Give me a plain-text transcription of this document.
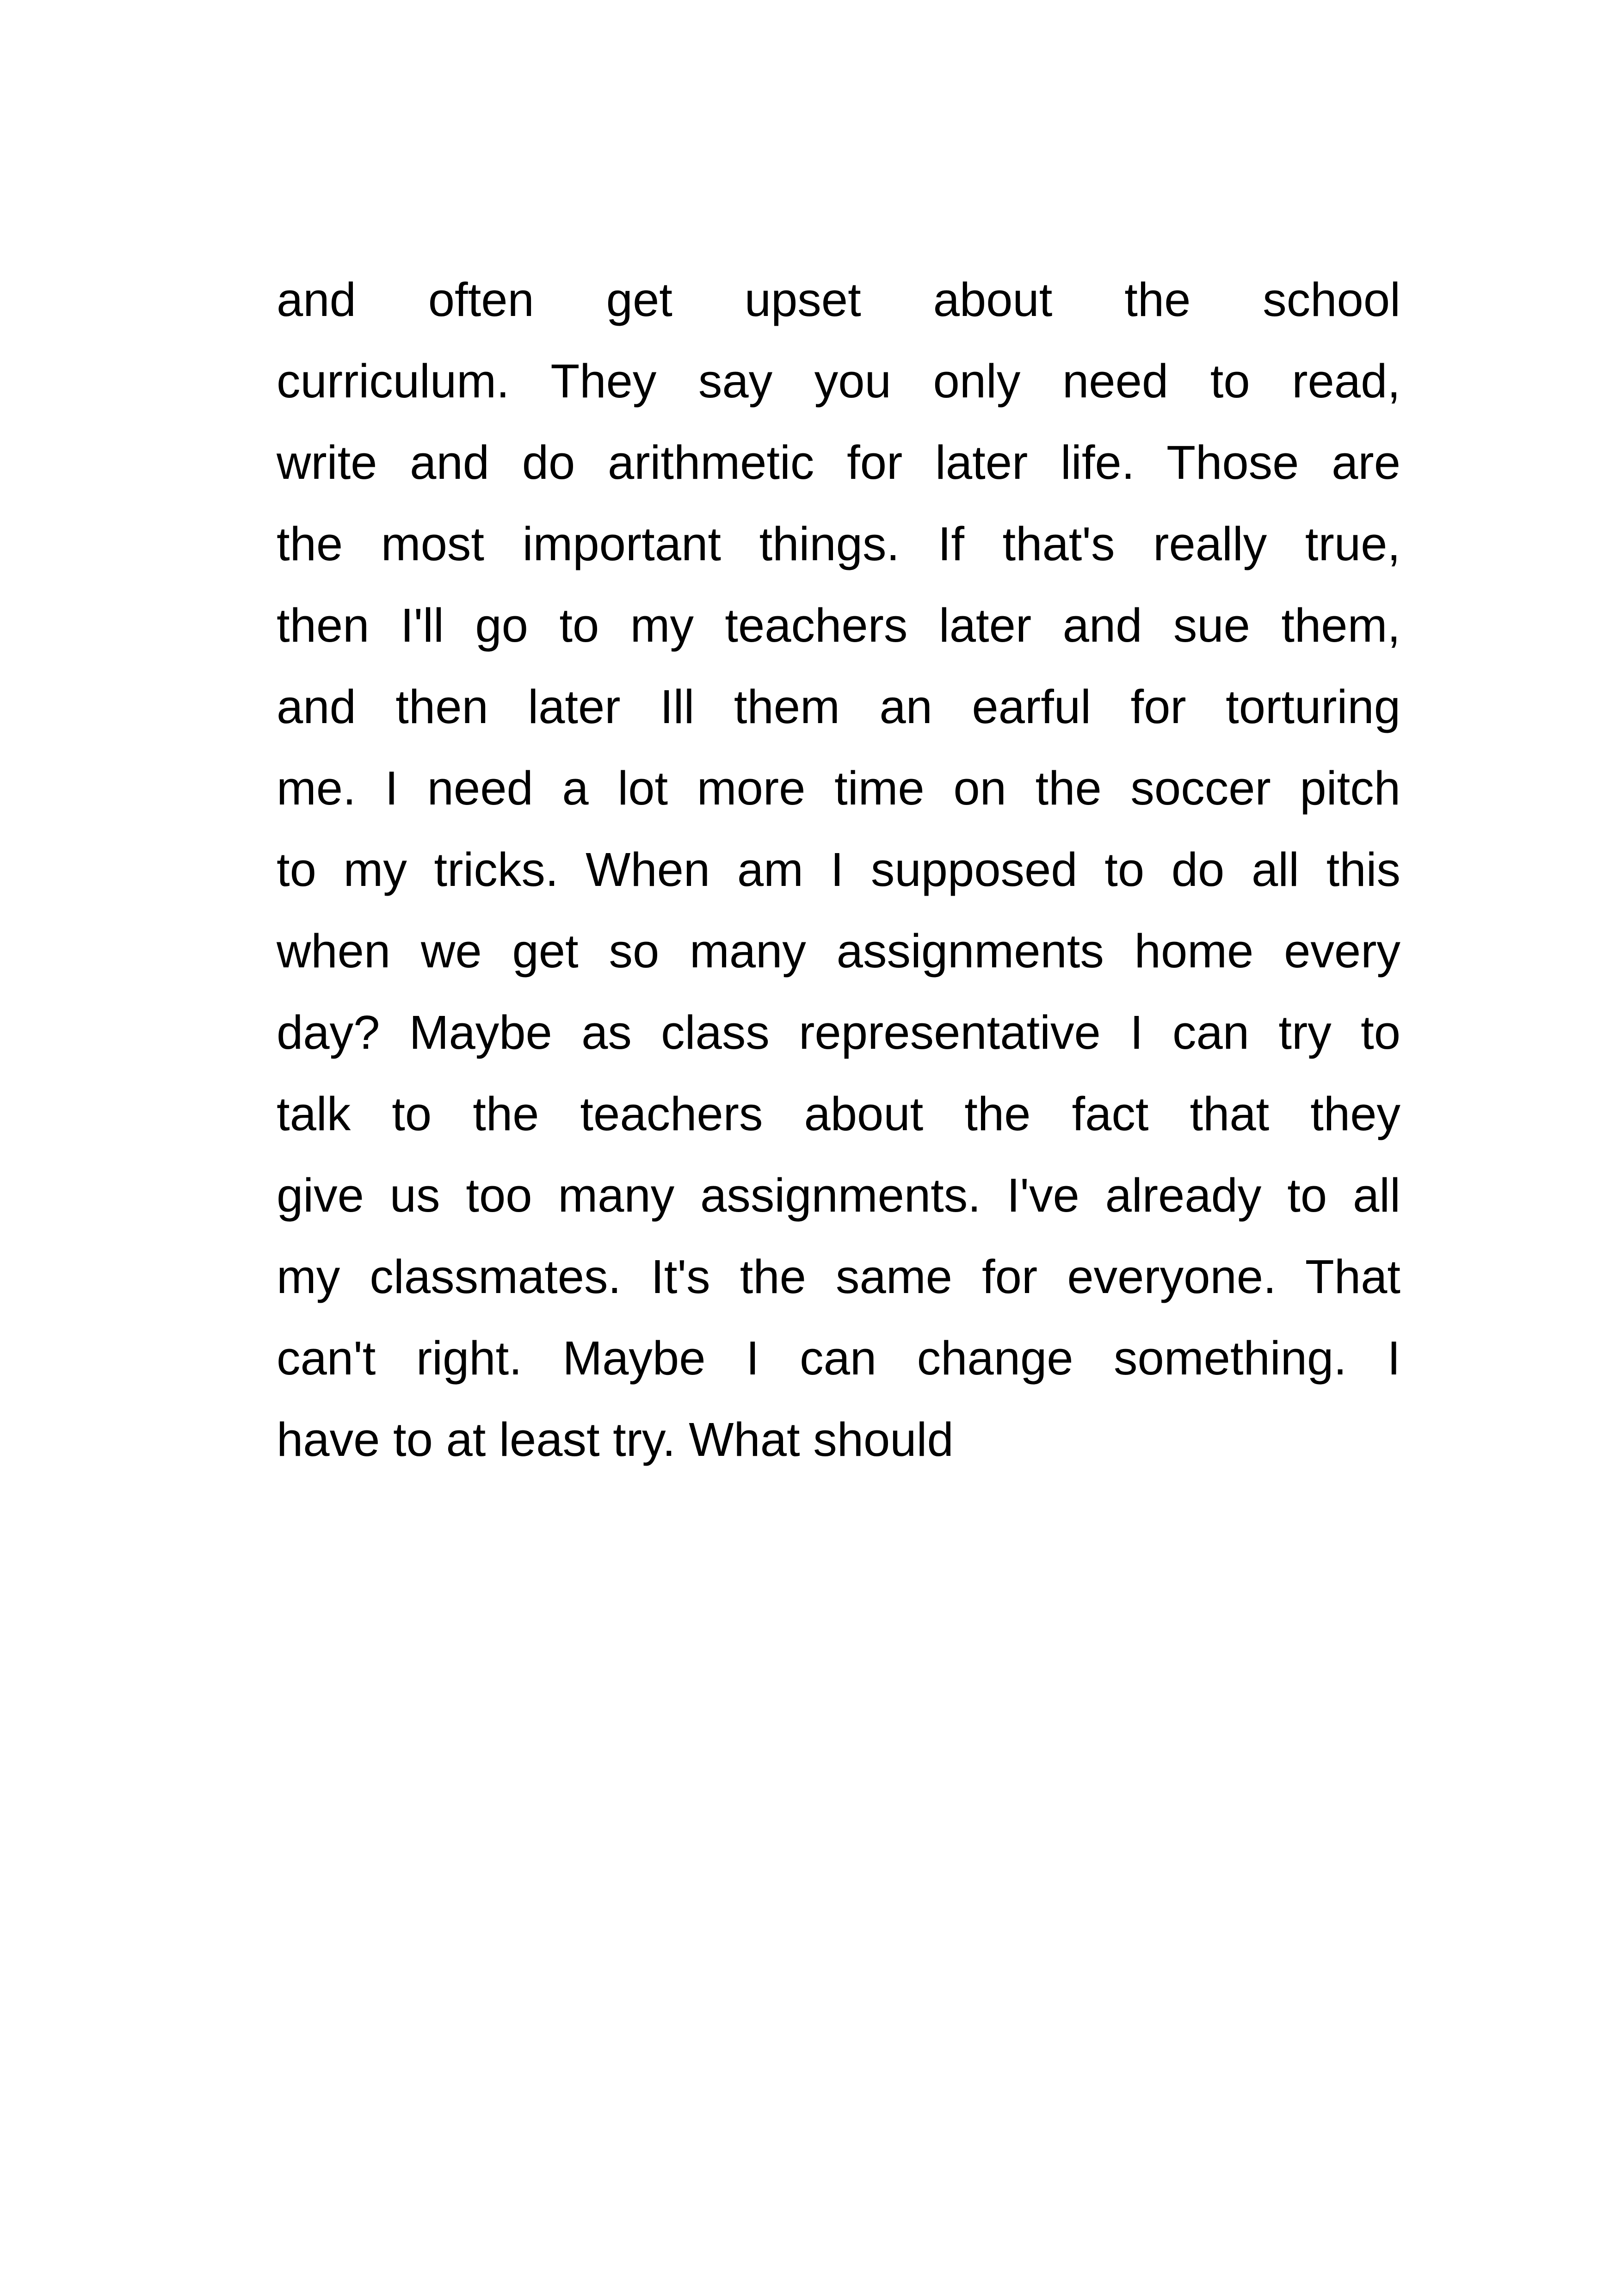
and often get upset about the school
curriculum. They say you only need to read,
write and do arithmetic for later life. Those are
the most important things. If that's really true,
then I'll go to my teachers later and sue them,
and then later Ill them an earful for torturing
me. I need a lot more time on the soccer pitch
to my tricks. When am I supposed to do all this
when we get so many assignments home every
day? Maybe as class representative I can try to
talk to the teachers about the fact that they
give us too many assignments. I've already to all
my classmates. It's the same for everyone. That
can't right. Maybe I can change something. I
have to at least try. What should
